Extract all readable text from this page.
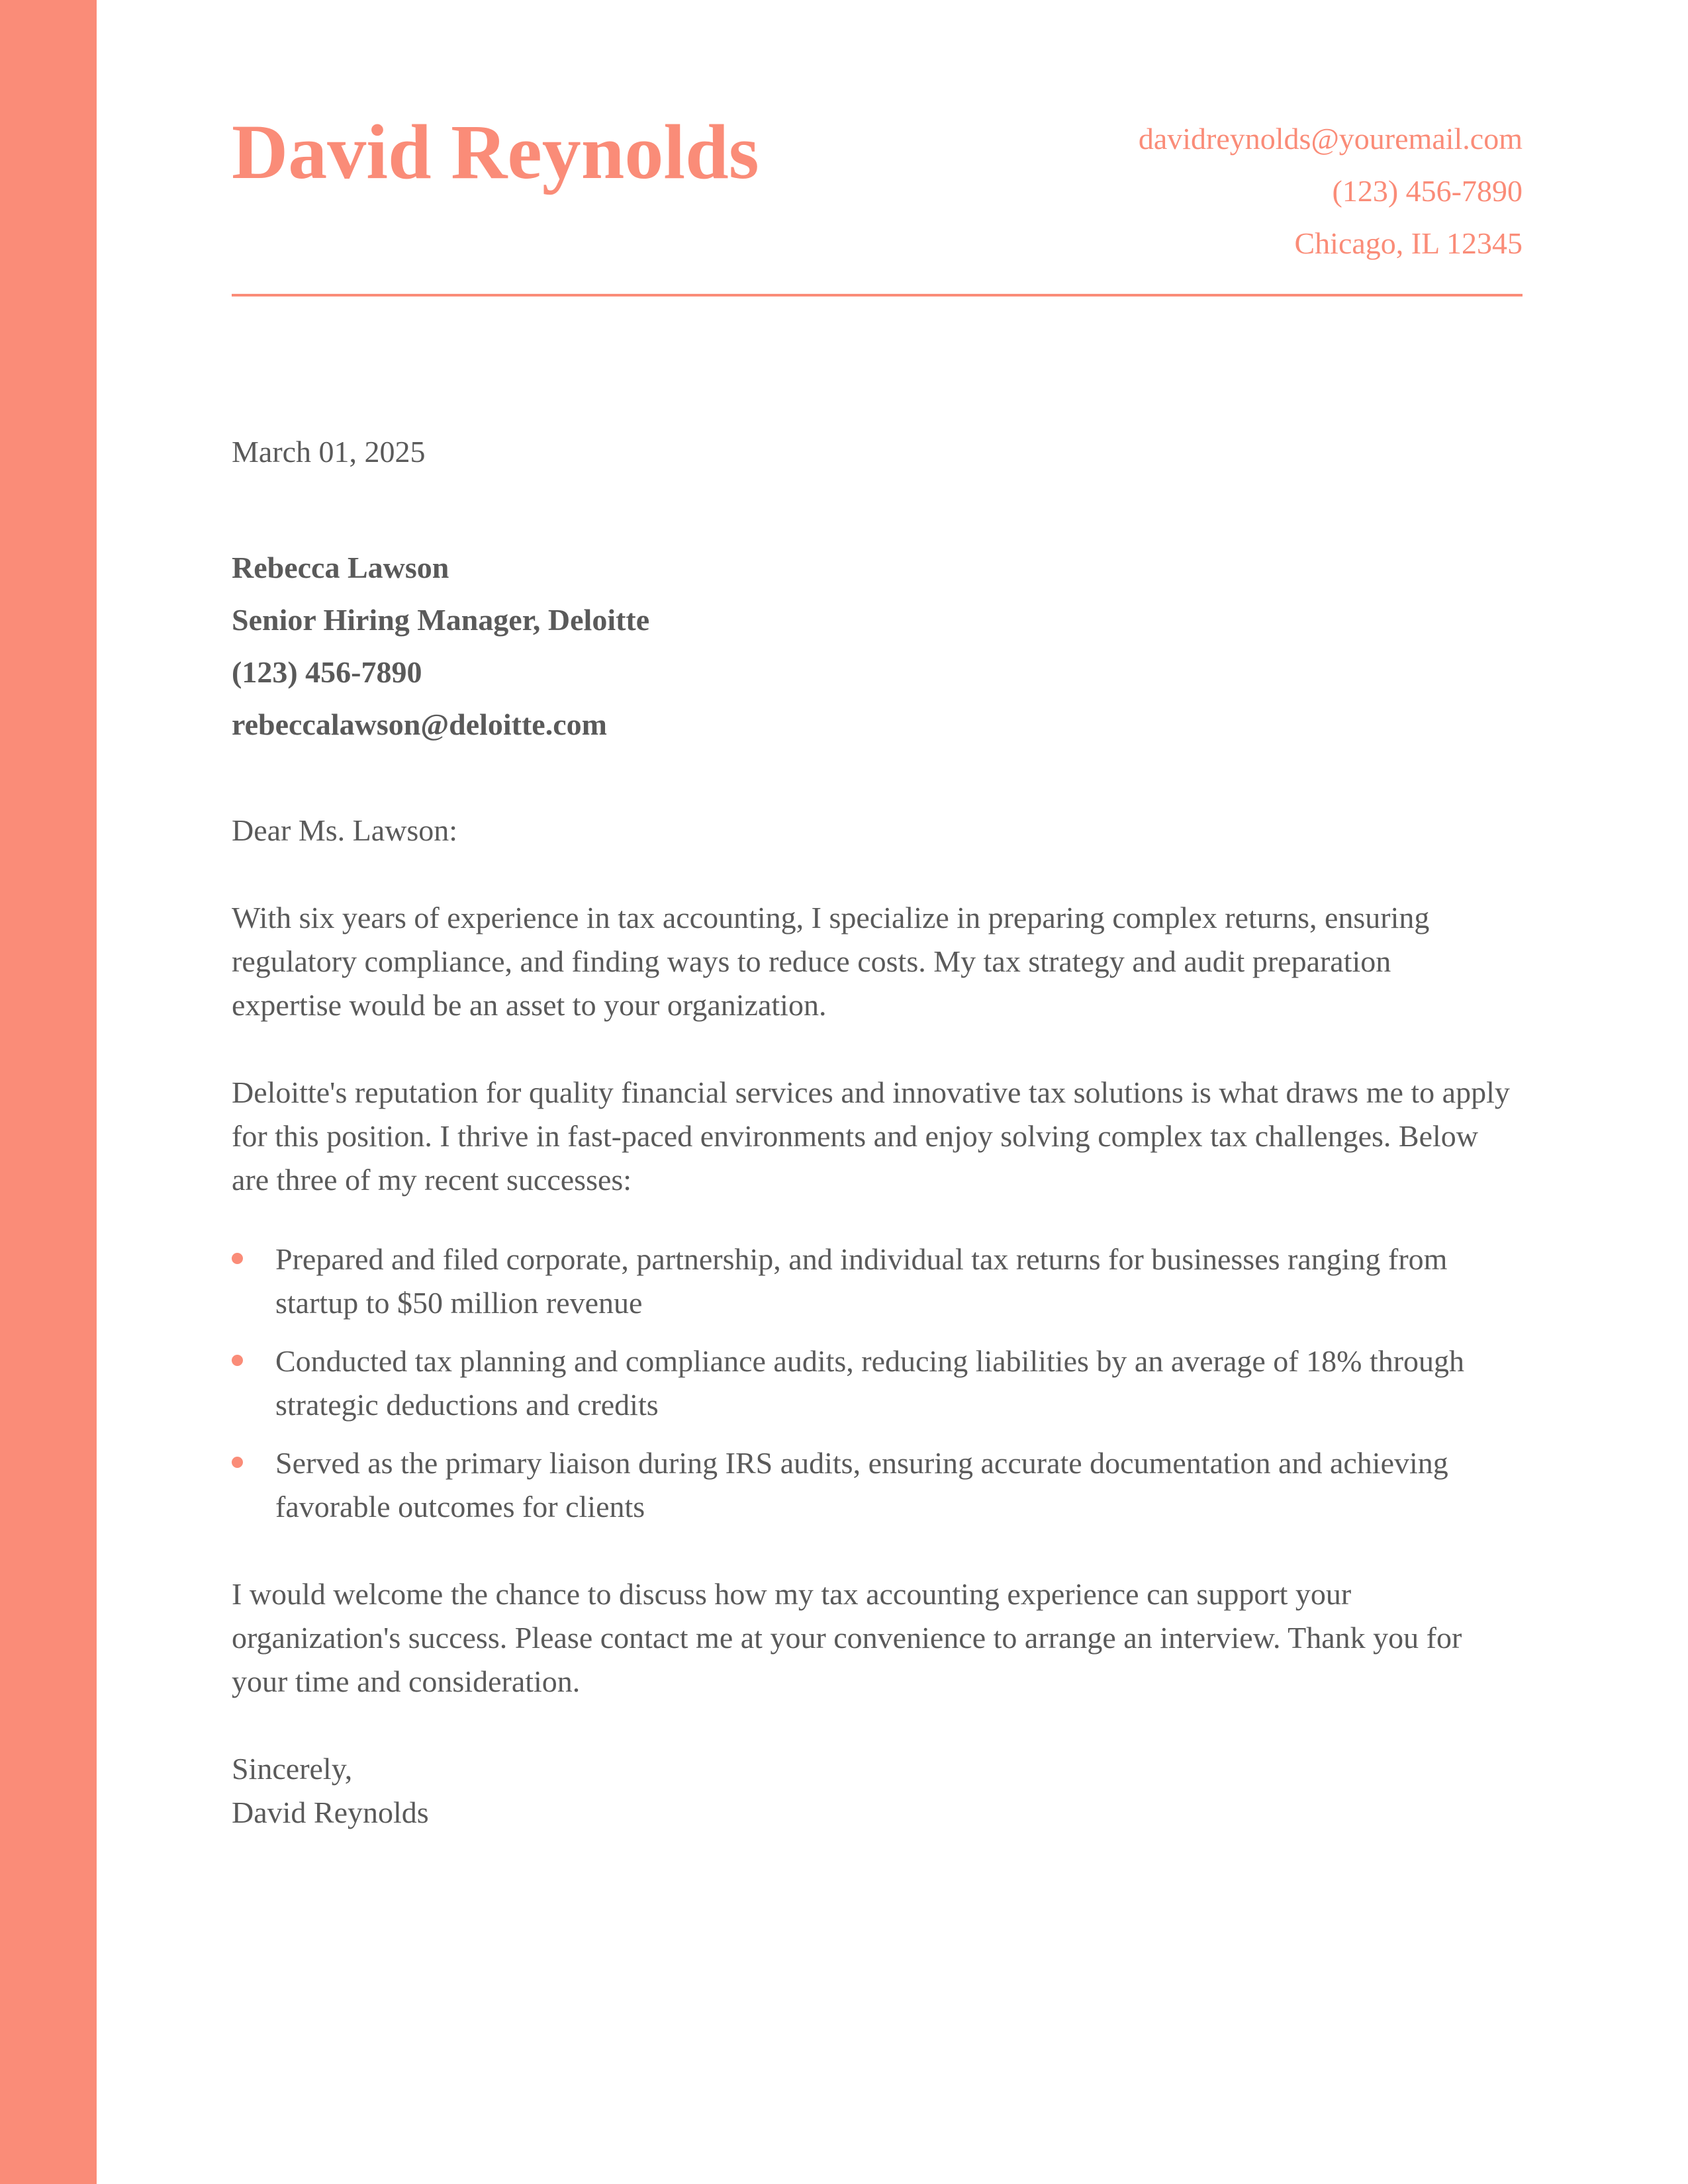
David Reynolds	davidreynolds@youremail.com
(123) 456-7890
Chicago, IL 12345
March 01, 2025
Rebecca Lawson
Senior Hiring Manager, Deloitte
(123) 456-7890
rebeccalawson@deloitte.com

Dear Ms. Lawson:

With six years of experience in tax accounting, I specialize in preparing complex returns, ensuring regulatory compliance, and finding ways to reduce costs. My tax strategy and audit preparation
expertise would be an asset to your organization.

Deloitte's reputation for quality financial services and innovative tax solutions is what draws me to apply for this position. I thrive in fast-paced environments and enjoy solving complex tax challenges. Below are three of my recent successes:

Prepared and filed corporate, partnership, and individual tax returns for businesses ranging from startup to $50 million revenue
Conducted tax planning and compliance audits, reducing liabilities by an average of 18% through strategic deductions and credits
Served as the primary liaison during IRS audits, ensuring accurate documentation and achieving favorable outcomes for clients

I would welcome the chance to discuss how my tax accounting experience can support your organization's success. Please contact me at your convenience to arrange an interview. Thank you for your time and consideration.

Sincerely,
David Reynolds
